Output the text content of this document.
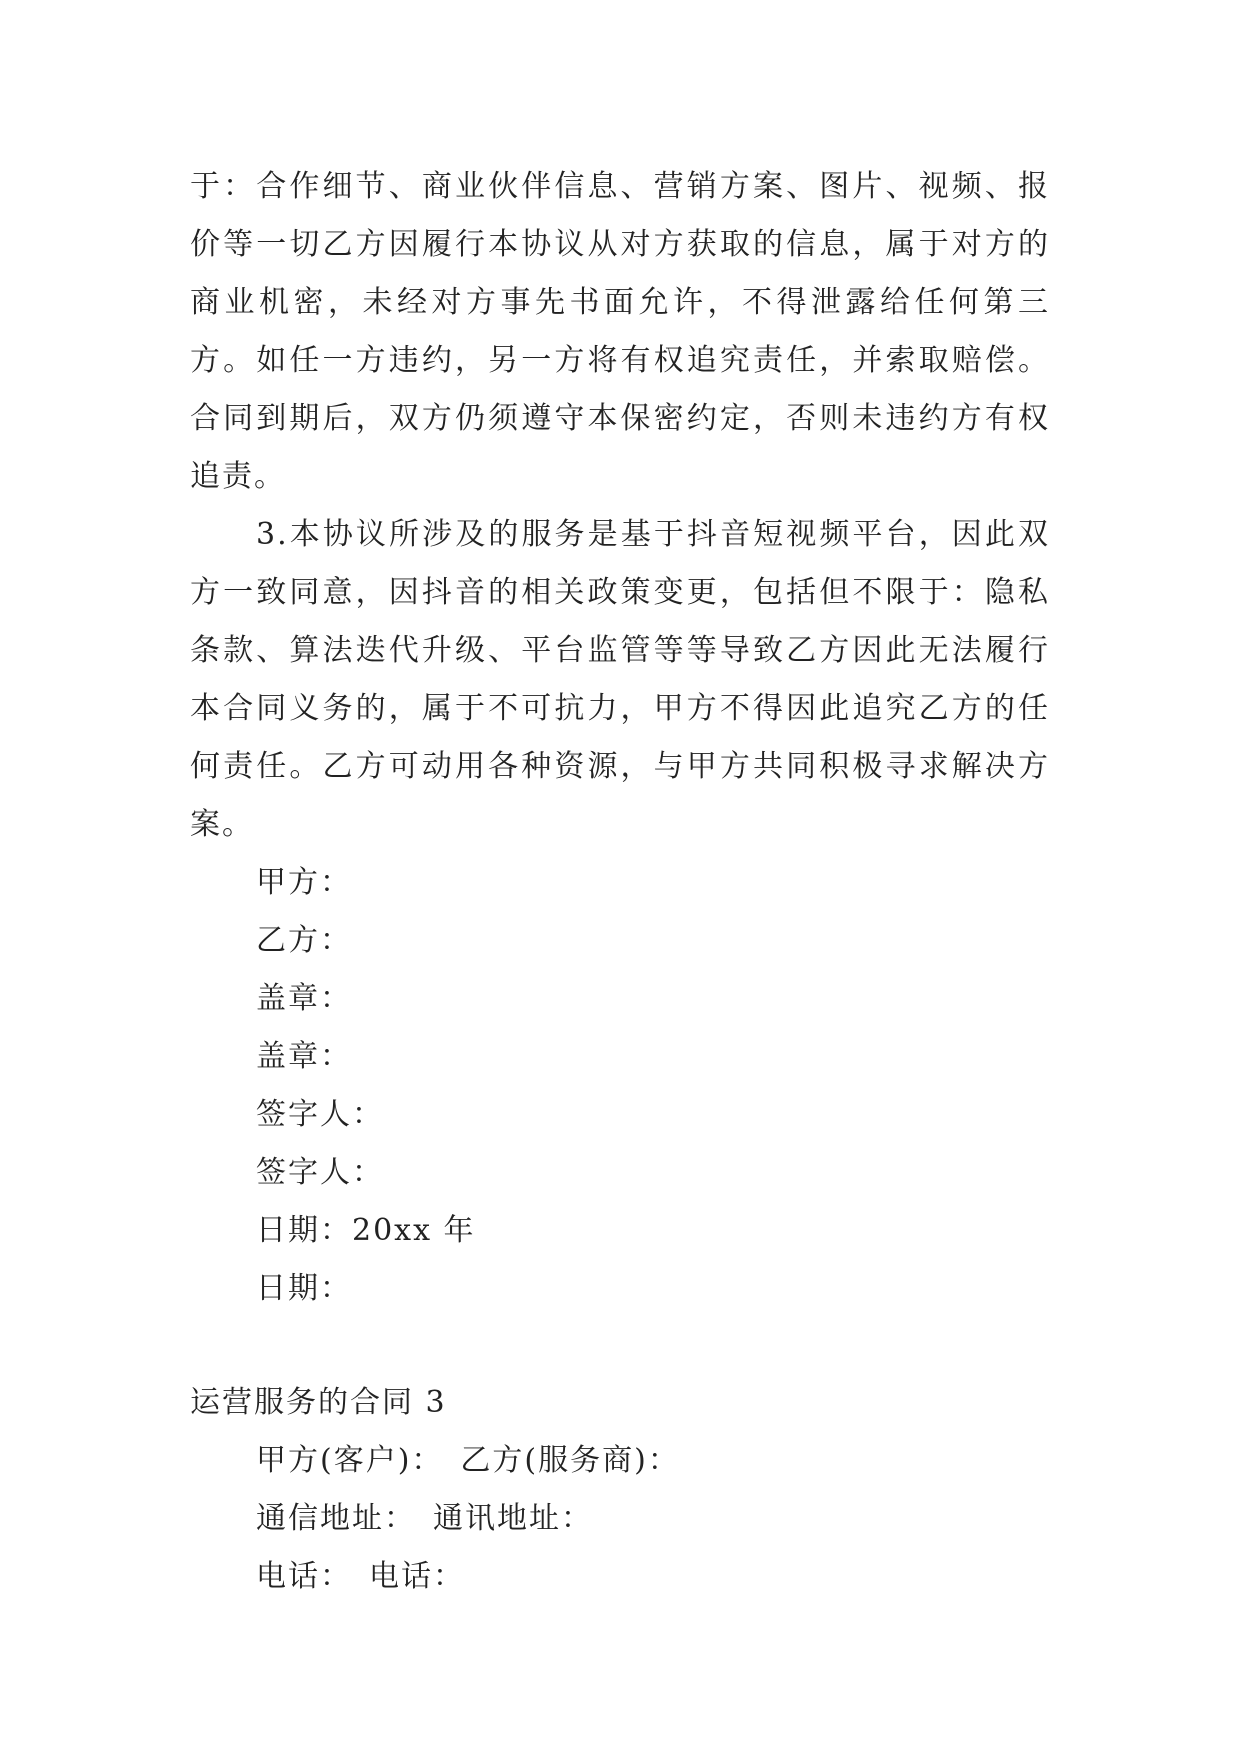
于：合作细节、商业伙伴信息、营销方案、图片、视频、报价等一切乙方因履行本协议从对方获取的信息，属于对方的商业机密，未经对方事先书面允许，不得泄露给任何第三方。如任一方违约，另一方将有权追究责任，并索取赔偿。合同到期后，双方仍须遵守本保密约定，否则未违约方有权追责。

3.本协议所涉及的服务是基于抖音短视频平台，因此双方一致同意，因抖音的相关政策变更，包括但不限于：隐私条款、算法迭代升级、平台监管等等导致乙方因此无法履行本合同义务的，属于不可抗力，甲方不得因此追究乙方的任何责任。乙方可动用各种资源，与甲方共同积极寻求解决方案。

甲方：

乙方：

盖章：

盖章：

签字人：

签字人：

日期：20xx 年

日期：

运营服务的合同 3

甲方(客户)：　乙方(服务商)：

通信地址：　通讯地址：

电话：　电话：
